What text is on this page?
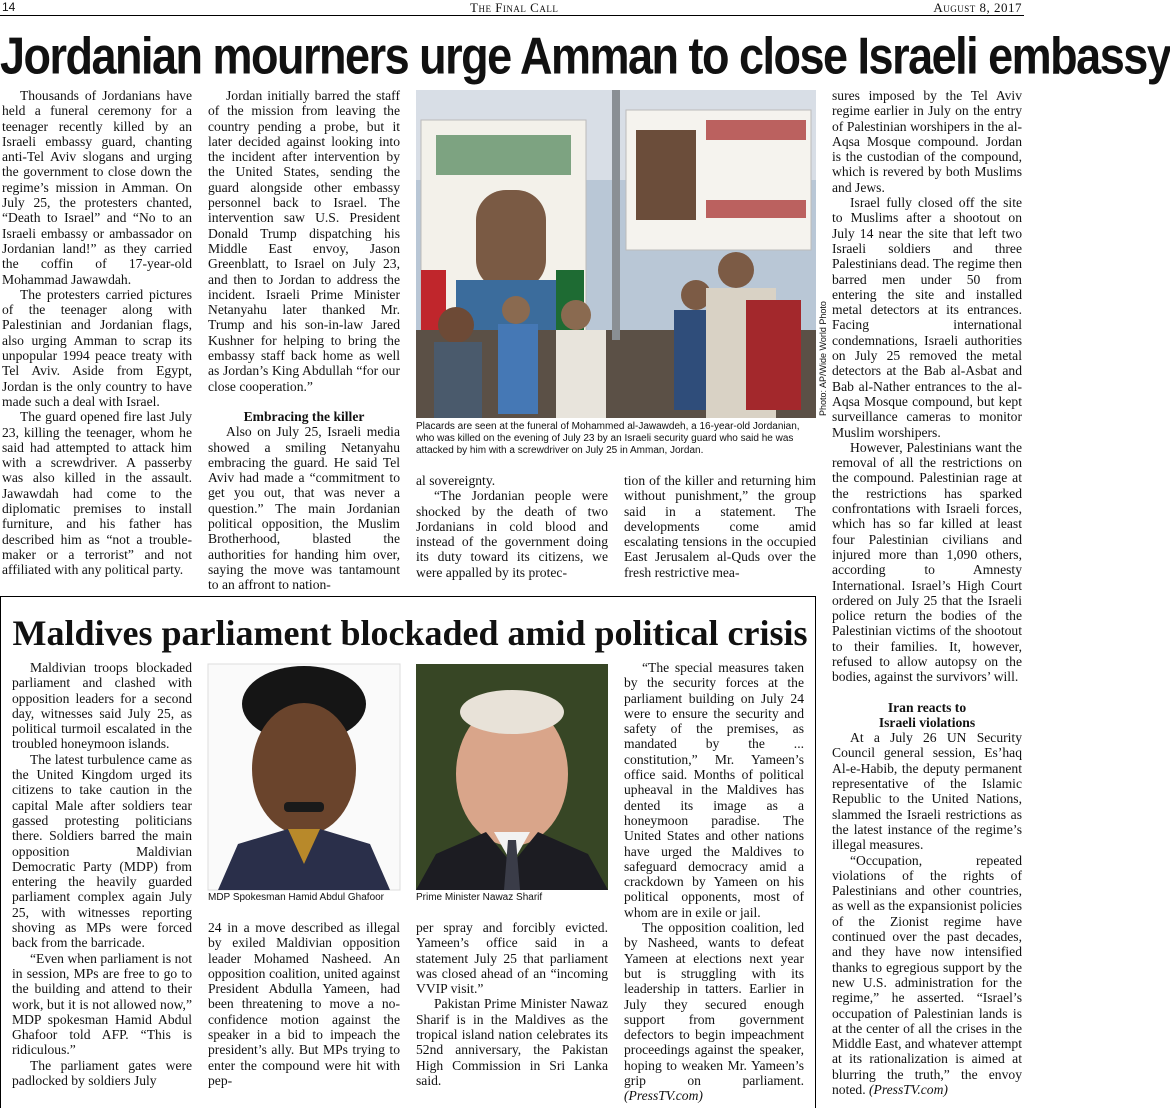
14	The Final Call	August 8, 2017
Jordanian mourners urge Amman to close Israeli embassy

Thousands of Jordanians have held a funeral ceremony for a teenager recently killed by an Israeli embassy guard, chanting anti-Tel Aviv slogans and urging the government to close down the regime’s mission in Amman. On July 25, the protesters chanted, “Death to Israel” and “No to an Israeli embassy or ambassador on Jordanian land!” as they carried the coffin of 17-year-old Mohammad Jawawdah.

The protesters carried pictures of the teenager along with Palestinian and Jordanian flags, also urging Amman to scrap its unpopular 1994 peace treaty with Tel Aviv. Aside from Egypt, Jordan is the only country to have made such a deal with Israel.

The guard opened fire last July 23, killing the teenager, whom he said had attempted to attack him with a screwdriver. A passerby was also killed in the assault. Jawawdah had come to the diplomatic premises to install furniture, and his father has described him as “not a trouble-maker or a terrorist” and not affiliated with any political party.

Jordan initially barred the staff of the mission from leaving the country pending a probe, but it later decided against looking into the incident after intervention by the United States, sending the guard alongside other embassy personnel back to Israel. The intervention saw U.S. President Donald Trump dispatching his Middle East envoy, Jason Greenblatt, to Israel on July 23, and then to Jordan to address the incident. Israeli Prime Minister Netanyahu later thanked Mr. Trump and his son-in-law Jared Kushner for helping to bring the embassy staff back home as well as Jordan’s King Abdullah “for our close cooperation.”

Embracing the killer

Also on July 25, Israeli media showed a smiling Netanyahu embracing the guard. He said Tel Aviv had made a “commitment to get you out, that was never a question.” The main Jordanian political opposition, the Muslim Brotherhood, blasted the authorities for handing him over, saying the move was tantamount to an affront to nation-

Photo: AP/Wide World Photo
Placards are seen at the funeral of Mohammed al-Jawawdeh, a 16-year-old Jordanian, who was killed on the evening of July 23 by an Israeli security guard who said he was attacked by him with a screwdriver on July 25 in Amman, Jordan.

al sovereignty.

“The Jordanian people were shocked by the death of two Jordanians in cold blood and instead of the government doing its duty toward its citizens, we were appalled by its protec-

tion of the killer and returning him without punishment,” the group said in a statement. The developments come amid escalating tensions in the occupied East Jerusalem al-Quds over the fresh restrictive mea-

sures imposed by the Tel Aviv regime earlier in July on the entry of Palestinian worshipers in the al-Aqsa Mosque compound. Jordan is the custodian of the compound, which is revered by both Muslims and Jews.

Israel fully closed off the site to Muslims after a shootout on July 14 near the site that left two Israeli soldiers and three Palestinians dead. The regime then barred men under 50 from entering the site and installed metal detectors at its entrances. Facing international condemnations, Israeli authorities on July 25 removed the metal detectors at the Bab al-Asbat and Bab al-Nather entrances to the al-Aqsa Mosque compound, but kept surveillance cameras to monitor Muslim worshipers.

However, Palestinians want the removal of all the restrictions on the compound. Palestinian rage at the restrictions has sparked confrontations with Israeli forces, which has so far killed at least four Palestinian civilians and injured more than 1,090 others, according to Amnesty International. Israel’s High Court ordered on July 25 that the Israeli police return the bodies of the Palestinian victims of the shootout to their families. It, however, refused to allow autopsy on the bodies, against the survivors’ will.

Iran reacts to
Israeli violations

At a July 26 UN Security Council general session, Es’haq Al-e-Habib, the deputy permanent representative of the Islamic Republic to the United Nations, slammed the Israeli restrictions as the latest instance of the regime’s illegal measures.

“Occupation, repeated violations of the rights of Palestinians and other countries, as well as the expansionist policies of the Zionist regime have continued over the past decades, and they have now intensified thanks to egregious support by the new U.S. administration for the regime,” he asserted. “Israel’s occupation of Palestinian lands is at the center of all the crises in the Middle East, and whatever attempt at its rationalization is aimed at blurring the truth,” the envoy noted. (PressTV.com)

Maldives parliament blockaded amid political crisis

Maldivian troops blockaded parliament and clashed with opposition leaders for a second day, witnesses said July 25, as political turmoil escalated in the troubled honeymoon islands.

The latest turbulence came as the United Kingdom urged its citizens to take caution in the capital Male after soldiers tear gassed protesting politicians there. Soldiers barred the main opposition Maldivian Democratic Party (MDP) from entering the heavily guarded parliament complex again July 25, with witnesses reporting shoving as MPs were forced back from the barricade.

“Even when parliament is not in session, MPs are free to go to the building and attend to their work, but it is not allowed now,” MDP spokesman Hamid Abdul Ghafoor told AFP. “This is ridiculous.”

The parliament gates were padlocked by soldiers July

MDP Spokesman Hamid Abdul Ghafoor	Prime Minister Nawaz Sharif

24 in a move described as illegal by exiled Maldivian opposition leader Mohamed Nasheed. An opposition coalition, united against President Abdulla Yameen, had been threatening to move a no-confidence motion against the speaker in a bid to impeach the president’s ally. But MPs trying to enter the compound were hit with pep-

per spray and forcibly evicted. Yameen’s office said in a statement July 25 that parliament was closed ahead of an “incoming VVIP visit.”

Pakistan Prime Minister Nawaz Sharif is in the Maldives as the tropical island nation celebrates its 52nd anniversary, the Pakistan High Commission in Sri Lanka said.

“The special measures taken by the security forces at the parliament building on July 24 were to ensure the security and safety of the premises, as mandated by the ... constitution,” Mr. Yameen’s office said. Months of political upheaval in the Maldives has dented its image as a honeymoon paradise. The United States and other nations have urged the Maldives to safeguard democracy amid a crackdown by Yameen on his political opponents, most of whom are in exile or jail.

The opposition coalition, led by Nasheed, wants to defeat Yameen at elections next year but is struggling with its leadership in tatters. Earlier in July they secured enough support from government defectors to begin impeachment proceedings against the speaker, hoping to weaken Mr. Yameen’s grip on parliament. (PressTV.com)
